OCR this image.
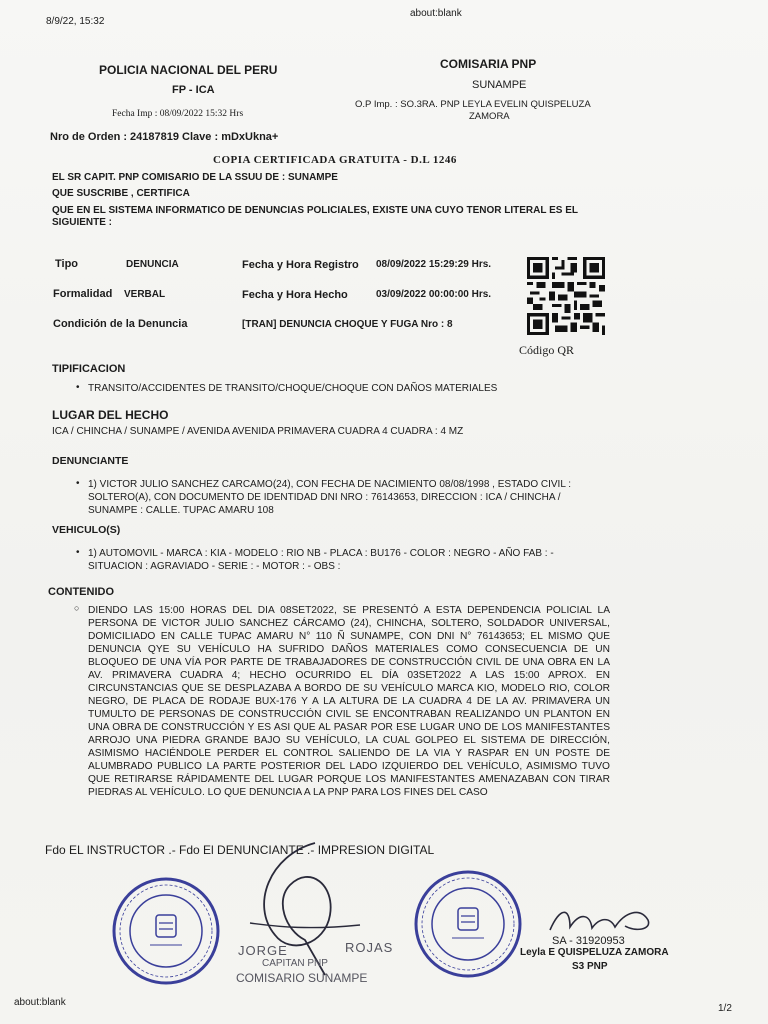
8/9/22, 15:32
about:blank
about:blank
1/2
POLICIA NACIONAL DEL PERU
FP - ICA
Fecha Imp : 08/09/2022 15:32 Hrs
COMISARIA PNP
SUNAMPE
O.P Imp. : SO.3RA. PNP LEYLA EVELIN QUISPELUZA
ZAMORA
Nro de Orden : 24187819 Clave : mDxUkna+
COPIA CERTIFICADA GRATUITA - D.L 1246
EL SR CAPIT. PNP COMISARIO DE LA SSUU DE : SUNAMPE
QUE SUSCRIBE , CERTIFICA
QUE EN EL SISTEMA INFORMATICO DE DENUNCIAS POLICIALES, EXISTE UNA CUYO TENOR LITERAL ES EL
SIGUIENTE :
Tipo	DENUNCIA	Fecha y Hora Registro 08/09/2022 15:29:29 Hrs.
Formalidad VERBAL	Fecha y Hora Hecho	03/09/2022 00:00:00 Hrs.
Condición de la Denuncia	[TRAN] DENUNCIA CHOQUE Y FUGA Nro : 8
Código QR
TIPIFICACION
• TRANSITO/ACCIDENTES DE TRANSITO/CHOQUE/CHOQUE CON DAÑOS MATERIALES
LUGAR DEL HECHO
ICA / CHINCHA / SUNAMPE / AVENIDA AVENIDA PRIMAVERA CUADRA 4 CUADRA : 4 MZ
DENUNCIANTE
• 1) VICTOR JULIO SANCHEZ CARCAMO(24), CON FECHA DE NACIMIENTO 08/08/1998 , ESTADO CIVIL :
SOLTERO(A), CON DOCUMENTO DE IDENTIDAD DNI NRO : 76143653, DIRECCION : ICA / CHINCHA /
SUNAMPE : CALLE. TUPAC AMARU 108
VEHICULO(S)
• 1) AUTOMOVIL - MARCA : KIA - MODELO : RIO NB - PLACA : BU176 - COLOR : NEGRO - AÑO FAB : -
SITUACION : AGRAVIADO - SERIE : - MOTOR : - OBS :
CONTENIDO
○ DIENDO LAS 15:00 HORAS DEL DIA 08SET2022, SE PRESENTÓ A ESTA DEPENDENCIA POLICIAL LA PERSONA DE VICTOR JULIO SANCHEZ CÁRCAMO (24), CHINCHA, SOLTERO, SOLDADOR UNIVERSAL, DOMICILIADO EN CALLE TUPAC AMARU N° 110 Ñ SUNAMPE, CON DNI N° 76143653; EL MISMO QUE DENUNCIA QYE SU VEHÍCULO HA SUFRIDO DAÑOS MATERIALES COMO CONSECUENCIA DE UN BLOQUEO DE UNA VÍA POR PARTE DE TRABAJADORES DE CONSTRUCCIÓN CIVIL DE UNA OBRA EN LA AV. PRIMAVERA CUADRA 4; HECHO OCURRIDO EL DÍA 03SET2022 A LAS 15:00 APROX. EN CIRCUNSTANCIAS QUE SE DESPLAZABA A BORDO DE SU VEHÍCULO MARCA KIO, MODELO RIO, COLOR NEGRO, DE PLACA DE RODAJE BUX-176 Y A LA ALTURA DE LA CUADRA 4 DE LA AV. PRIMAVERA UN TUMULTO DE PERSONAS DE CONSTRUCCIÓN CIVIL SE ENCONTRABAN REALIZANDO UN PLANTON EN UNA OBRA DE CONSTRUCCIÓN Y ES ASI QUE AL PASAR POR ESE LUGAR UNO DE LOS MANIFESTANTES ARROJO UNA PIEDRA GRANDE BAJO SU VEHÍCULO, LA CUAL GOLPEO EL SISTEMA DE DIRECCIÓN, ASIMISMO HACIÉNDOLE PERDER EL CONTROL SALIENDO DE LA VIA Y RASPAR EN UN POSTE DE ALUMBRADO PUBLICO LA PARTE POSTERIOR DEL LADO IZQUIERDO DEL VEHÍCULO, ASIMISMO TUVO QUE RETIRARSE RÁPIDAMENTE DEL LUGAR PORQUE LOS MANIFESTANTES AMENAZABAN CON TIRAR PIEDRAS AL VEHÍCULO. LO QUE DENUNCIA A LA PNP PARA LOS FINES DEL CASO
Fdo EL INSTRUCTOR .- Fdo El DENUNCIANTE .- IMPRESION DIGITAL
JORGE	ROJAS
CAPITAN PNP
COMISARIO SUNAMPE
SA - 31920953
Leyla E QUISPELUZA ZAMORA
S3 PNP
